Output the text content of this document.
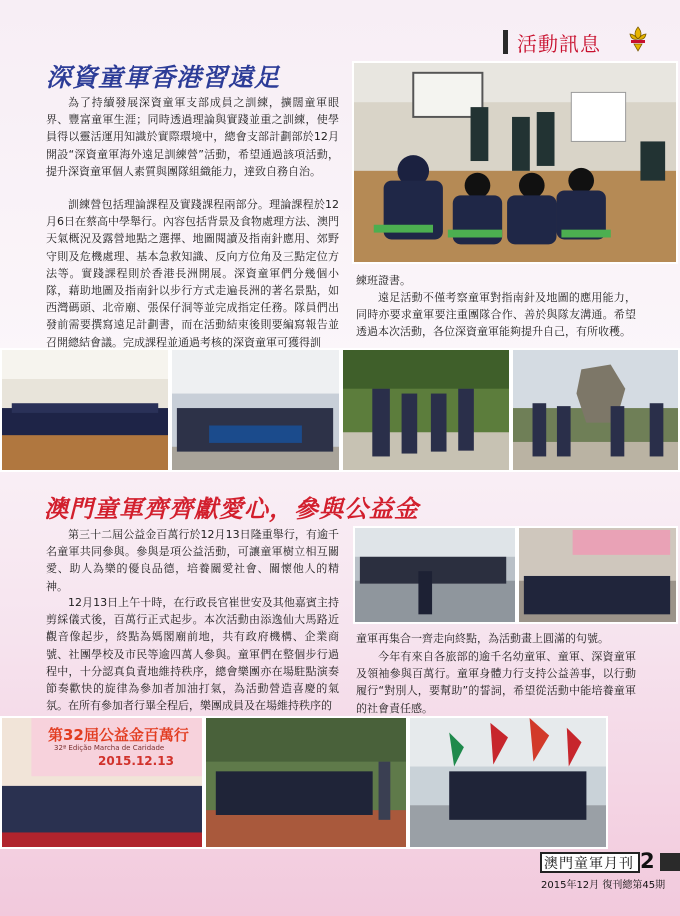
活動訊息
深資童軍香港習遠足
為了持續發展深資童軍支部成員之訓練，擴闊童軍眼界、豐富童軍生涯；同時透過理論與實踐並重之訓練，使學員得以靈活運用知識於實際環境中，總會支部計劃部於12月開設“深資童軍海外遠足訓練營”活動，希望通過該項活動，提升深資童軍個人素質與團隊組織能力，達致自務自治。
訓練營包括理論課程及實踐課程兩部分。理論課程於12月6日在蔡高中學舉行。內容包括背景及食物處理方法、澳門天氣概況及露營地點之選擇、地圖閱讀及指南針應用、郊野守則及危機處理、基本急救知識、反向方位角及三點定位方法等。實踐課程則於香港長洲開展。深資童軍們分幾個小隊，藉助地圖及指南針以步行方式走遍長洲的著名景點，如西灣碼頭、北帝廟、張保仔洞等並完成指定任務。隊員們出發前需要撰寫遠足計劃書，而在活動結束後則要編寫報告並召開總結會議。完成課程並通過考核的深資童軍可獲得訓
練班證書。
遠足活動不僅考察童軍對指南針及地圖的應用能力，同時亦要求童軍要注重團隊合作、善於與隊友溝通。希望透過本次活動，各位深資童軍能夠提升自己，有所收穫。
澳門童軍齊齊獻愛心，參與公益金
第三十二屆公益金百萬行於12月13日隆重舉行，有逾千名童軍共同參與。參與是項公益活動，可讓童軍樹立相互關愛、助人為樂的優良品德，培養關愛社會、關懷他人的精神。
12月13日上午十時，在行政長官崔世安及其他嘉賓主持剪綵儀式後，百萬行正式起步。本次活動由添逸仙大馬路近觀音像起步，終點為媽閣廟前地，共有政府機構、企業商號、社團學校及市民等逾四萬人參與。童軍們在整個步行過程中，十分認真負責地維持秩序，總會樂團亦在場駐點演奏節奏歡快的旋律為參加者加油打氣，為活動營造喜慶的氣氛。在所有參加者行畢全程后，樂團成員及在場維持秩序的
童軍再集合一齊走向終點，為活動畫上圓滿的句號。
今年有來自各旅部的逾千名幼童軍、童軍、深資童軍及領袖參與百萬行。童軍身體力行支持公益善事，以行動履行“對別人，要幫助”的誓詞，希望從活動中能培養童軍的社會責任感。
第32屆公益金百萬行
32ª Edição Marcha de Caridade
2015.12.13
澳門童軍月刊 2
2015年12月 復刊總第45期
